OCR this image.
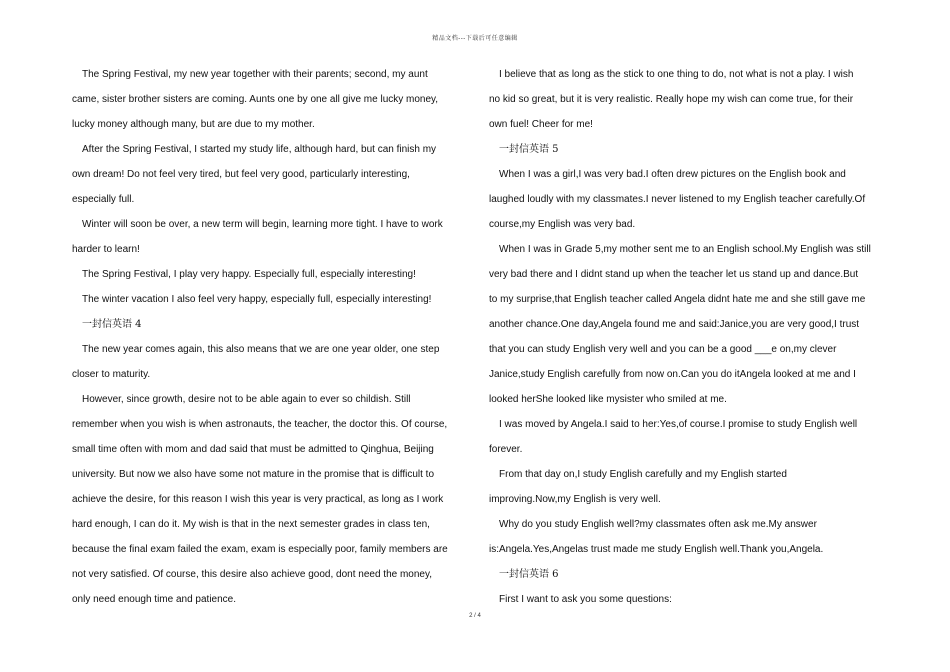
精品文档---下载后可任意编辑
The Spring Festival, my new year together with their parents; second, my aunt
came, sister brother sisters are coming. Aunts one by one all give me lucky money,
lucky money although many, but are due to my mother.
After the Spring Festival, I started my study life, although hard, but can finish my
own dream! Do not feel very tired, but feel very good, particularly interesting,
especially full.
Winter will soon be over, a new term will begin, learning more tight. I have to work
harder to learn!
The Spring Festival, I play very happy. Especially full, especially interesting!
The winter vacation I also feel very happy, especially full, especially interesting!
一封信英语 4
The new year comes again, this also means that we are one year older, one step
closer to maturity.
However, since growth, desire not to be able again to ever so childish. Still
remember when you wish is when astronauts, the teacher, the doctor this. Of course,
small time often with mom and dad said that must be admitted to Qinghua, Beijing
university. But now we also have some not mature in the promise that is difficult to
achieve the desire, for this reason I wish this year is very practical, as long as I work
hard enough, I can do it. My wish is that in the next semester grades in class ten,
because the final exam failed the exam, exam is especially poor, family members are
not very satisfied. Of course, this desire also achieve good, dont need the money,
only need enough time and patience.
I believe that as long as the stick to one thing to do, not what is not a play. I wish
no kid so great, but it is very realistic. Really hope my wish can come true, for their
own fuel! Cheer for me!
一封信英语 5
When I was a girl,I was very bad.I often drew pictures on the English book and
laughed loudly with my classmates.I never listened to my English teacher carefully.Of
course,my English was very bad.
When I was in Grade 5,my mother sent me to an English school.My English was still
very bad there and I didnt stand up when the teacher let us stand up and dance.But
to my surprise,that English teacher called Angela didnt hate me and she still gave me
another chance.One day,Angela found me and said:Janice,you are very good,I trust
that you can study English very well and you can be a good ___e on,my clever
Janice,study English carefully from now on.Can you do itAngela looked at me and I
looked herShe looked like mysister who smiled at me.
I was moved by Angela.I said to her:Yes,of course.I promise to study English well
forever.
From that day on,I study English carefully and my English started
improving.Now,my English is very well.
Why do you study English well?my classmates often ask me.My answer
is:Angela.Yes,Angelas trust made me study English well.Thank you,Angela.
一封信英语 6
First I want to ask you some questions:
2 / 4
